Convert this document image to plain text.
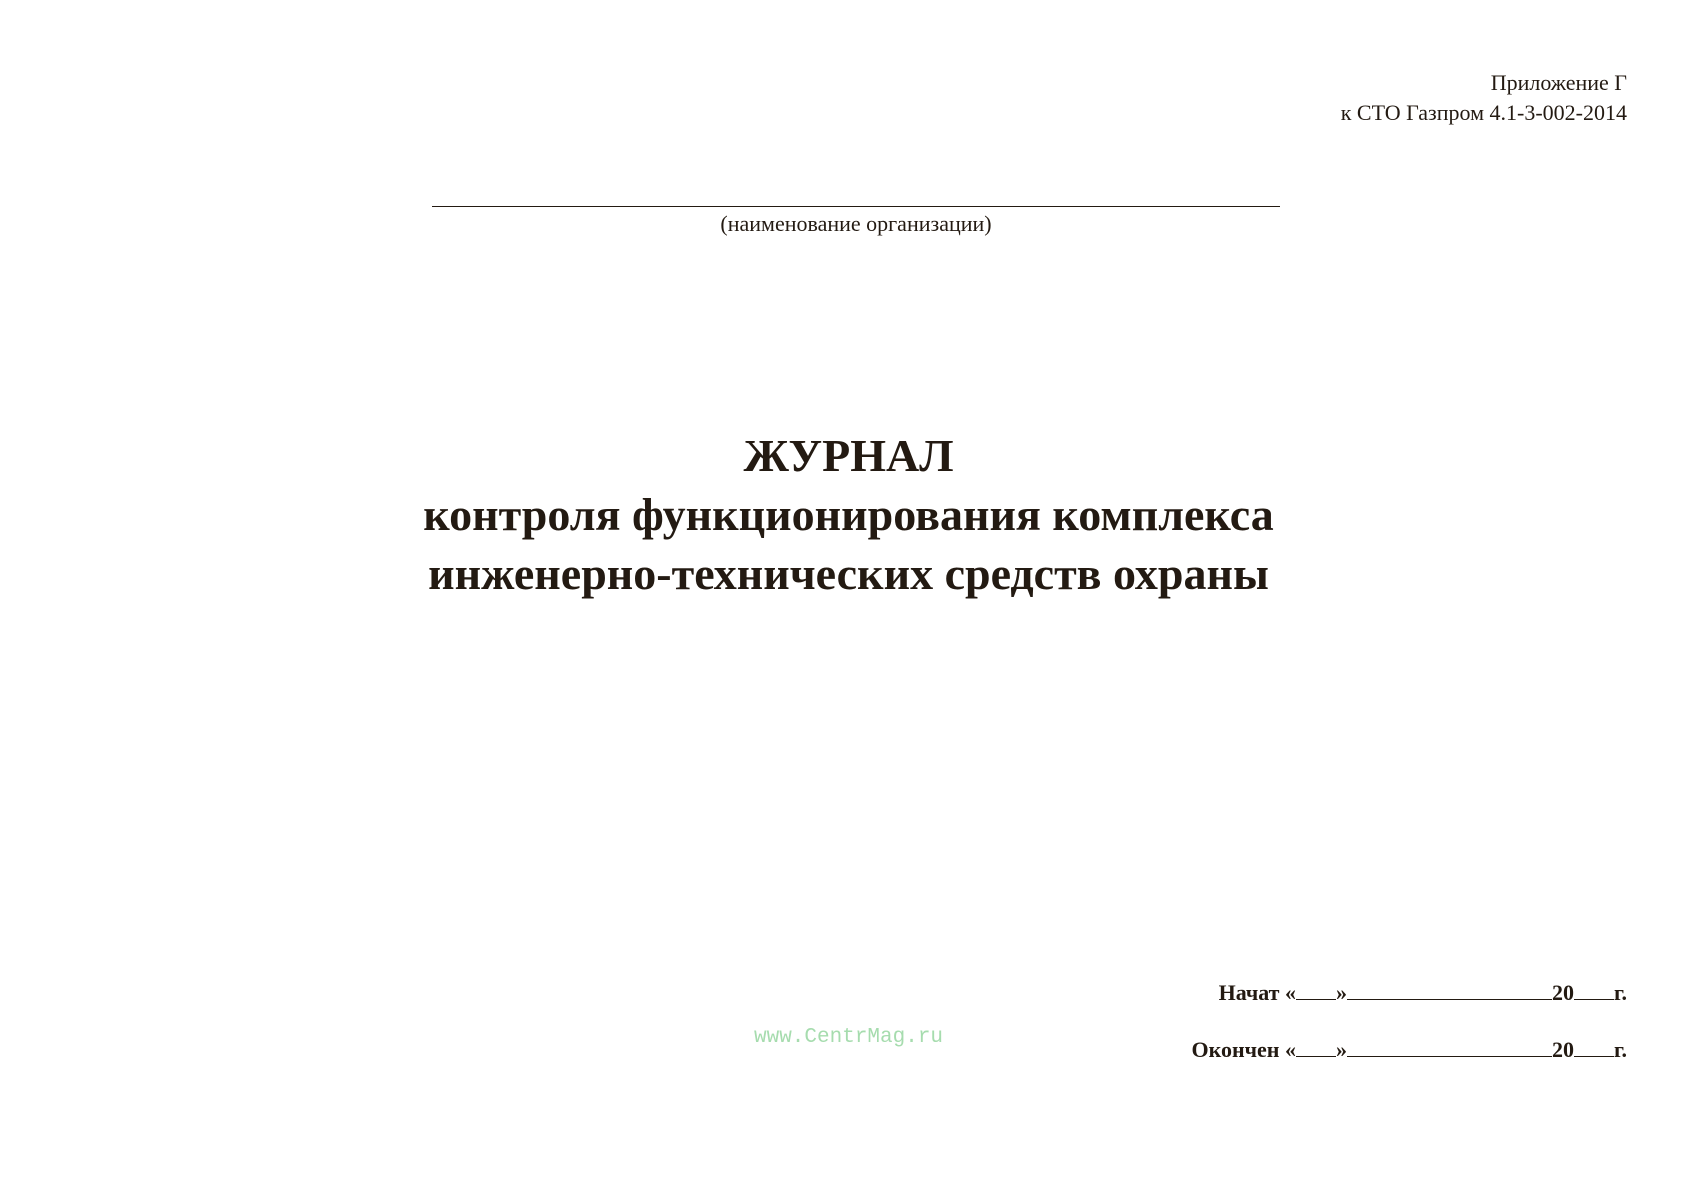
Приложение Г
к СТО Газпром 4.1-3-002-2014
(наименование организации)
ЖУРНАЛ
контроля функционирования комплекса
инженерно-технических средств охраны
www.CentrMag.ru
Начат
« »	20 г.
Окончен
« »	20 г.
